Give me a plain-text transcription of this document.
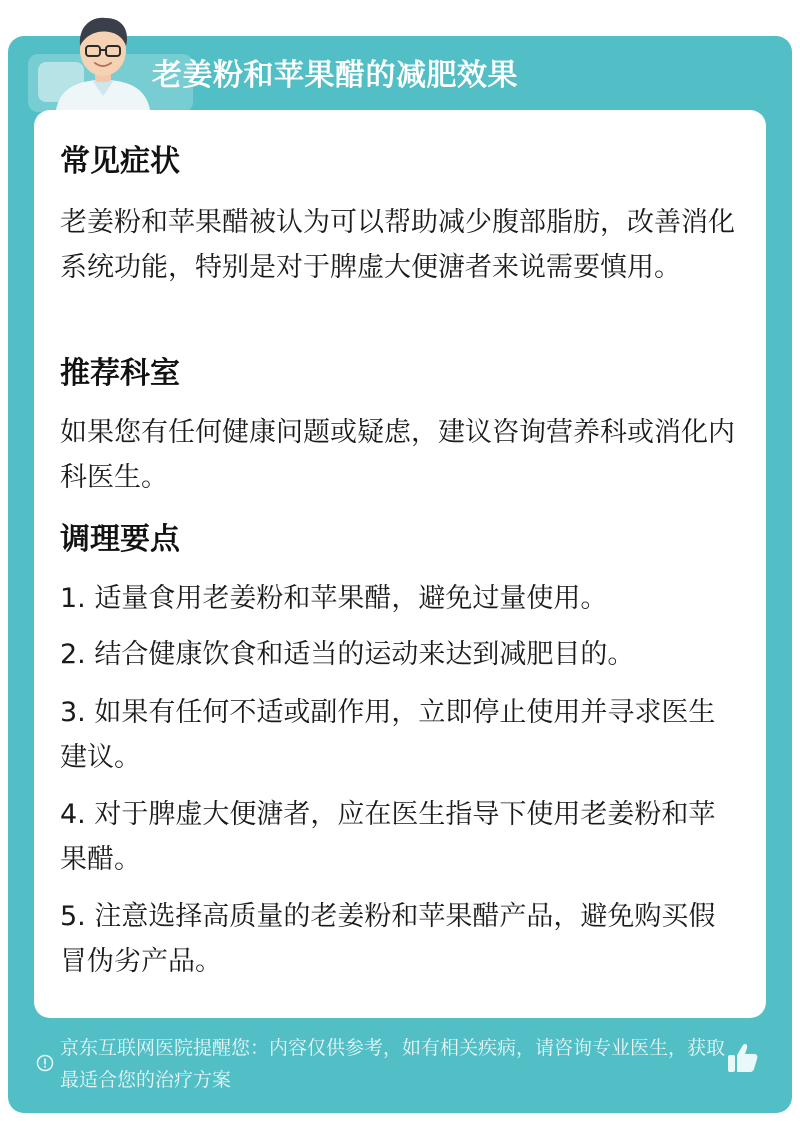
老姜粉和苹果醋的减肥效果
常见症状
老姜粉和苹果醋被认为可以帮助减少腹部脂肪，改善消化系统功能，特别是对于脾虚大便溏者来说需要慎用。
推荐科室
如果您有任何健康问题或疑虑，建议咨询营养科或消化内科医生。
调理要点
1. 适量食用老姜粉和苹果醋，避免过量使用。
2. 结合健康饮食和适当的运动来达到减肥目的。
3. 如果有任何不适或副作用，立即停止使用并寻求医生建议。
4. 对于脾虚大便溏者，应在医生指导下使用老姜粉和苹果醋。
5. 注意选择高质量的老姜粉和苹果醋产品，避免购买假冒伪劣产品。
京东互联网医院提醒您：内容仅供参考，如有相关疾病，请咨询专业医生，获取最适合您的治疗方案
